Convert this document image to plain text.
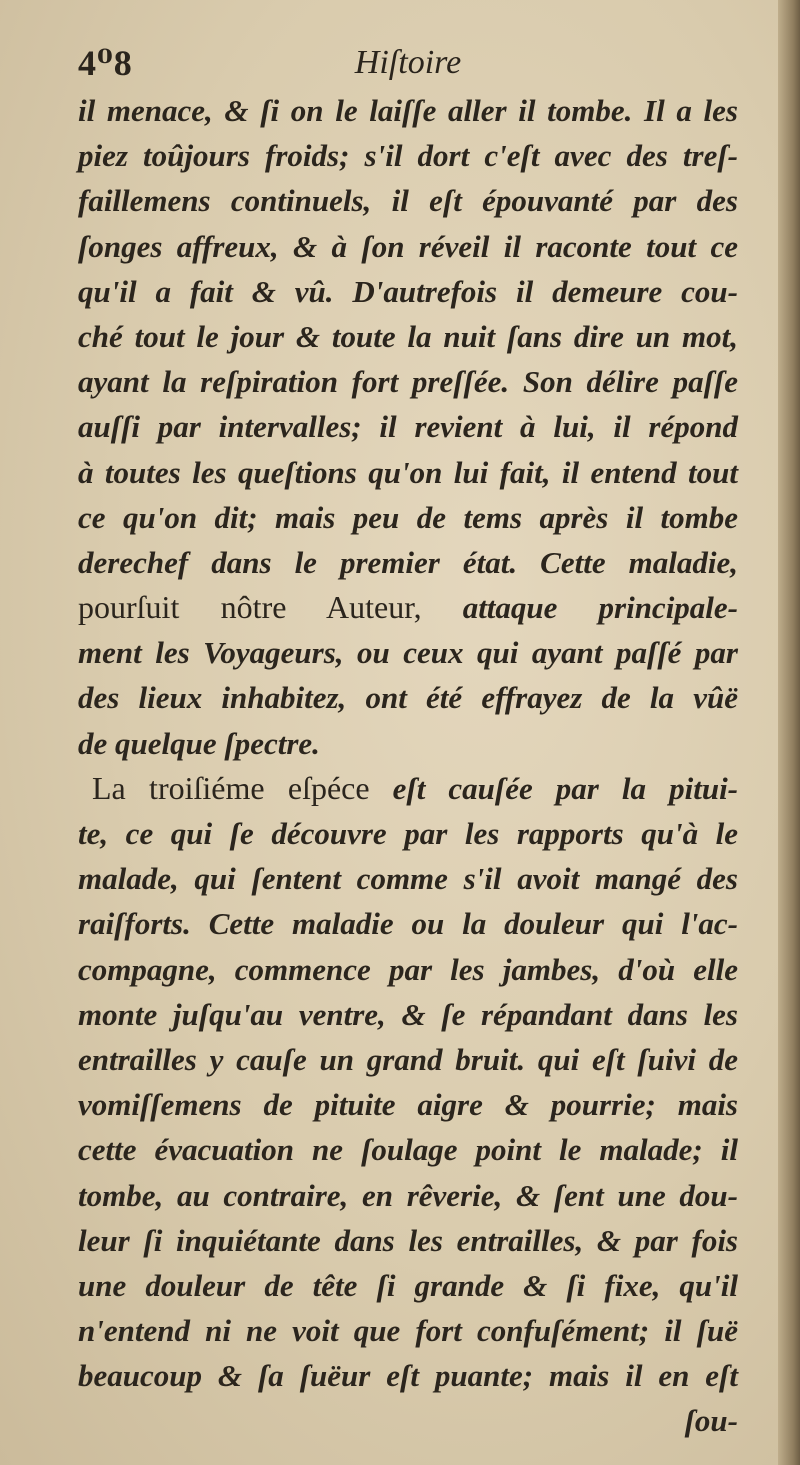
4⁰8	Hiſtoire
il menace, & ſi on le laiſſe aller il tombe. Il a les
piez toûjours froids; s'il dort c'eſt avec des treſ-
faillemens continuels, il eſt épouvanté par des
ſonges affreux, & à ſon réveil il raconte tout ce
qu'il a fait & vû. D'autrefois il demeure cou-
ché tout le jour & toute la nuit ſans dire un mot,
ayant la reſpiration fort preſſée. Son délire paſſe
auſſi par intervalles; il revient à lui, il répond
à toutes les queſtions qu'on lui fait, il entend tout
ce qu'on dit; mais peu de tems après il tombe
derechef dans le premier état. Cette maladie,
pourſuit nôtre Auteur, attaque principale-
ment les Voyageurs, ou ceux qui ayant paſſé par
des lieux inhabitez, ont été effrayez de la vûë
de quelque ſpectre.
La troiſiéme eſpéce eſt cauſée par la pitui-
te, ce qui ſe découvre par les rapports qu'à le
malade, qui ſentent comme s'il avoit mangé des
raiſforts. Cette maladie ou la douleur qui l'ac-
compagne, commence par les jambes, d'où elle
monte juſqu'au ventre, & ſe répandant dans les
entrailles y cauſe un grand bruit. qui eſt ſuivi de
vomiſſemens de pituite aigre & pourrie; mais
cette évacuation ne ſoulage point le malade; il
tombe, au contraire, en rêverie, & ſent une dou-
leur ſi inquiétante dans les entrailles, & par fois
une douleur de tête ſi grande & ſi fixe, qu'il
n'entend ni ne voit que fort confuſément; il ſuë
beaucoup & ſa ſuëur eſt puante; mais il en eſt
ſou-
